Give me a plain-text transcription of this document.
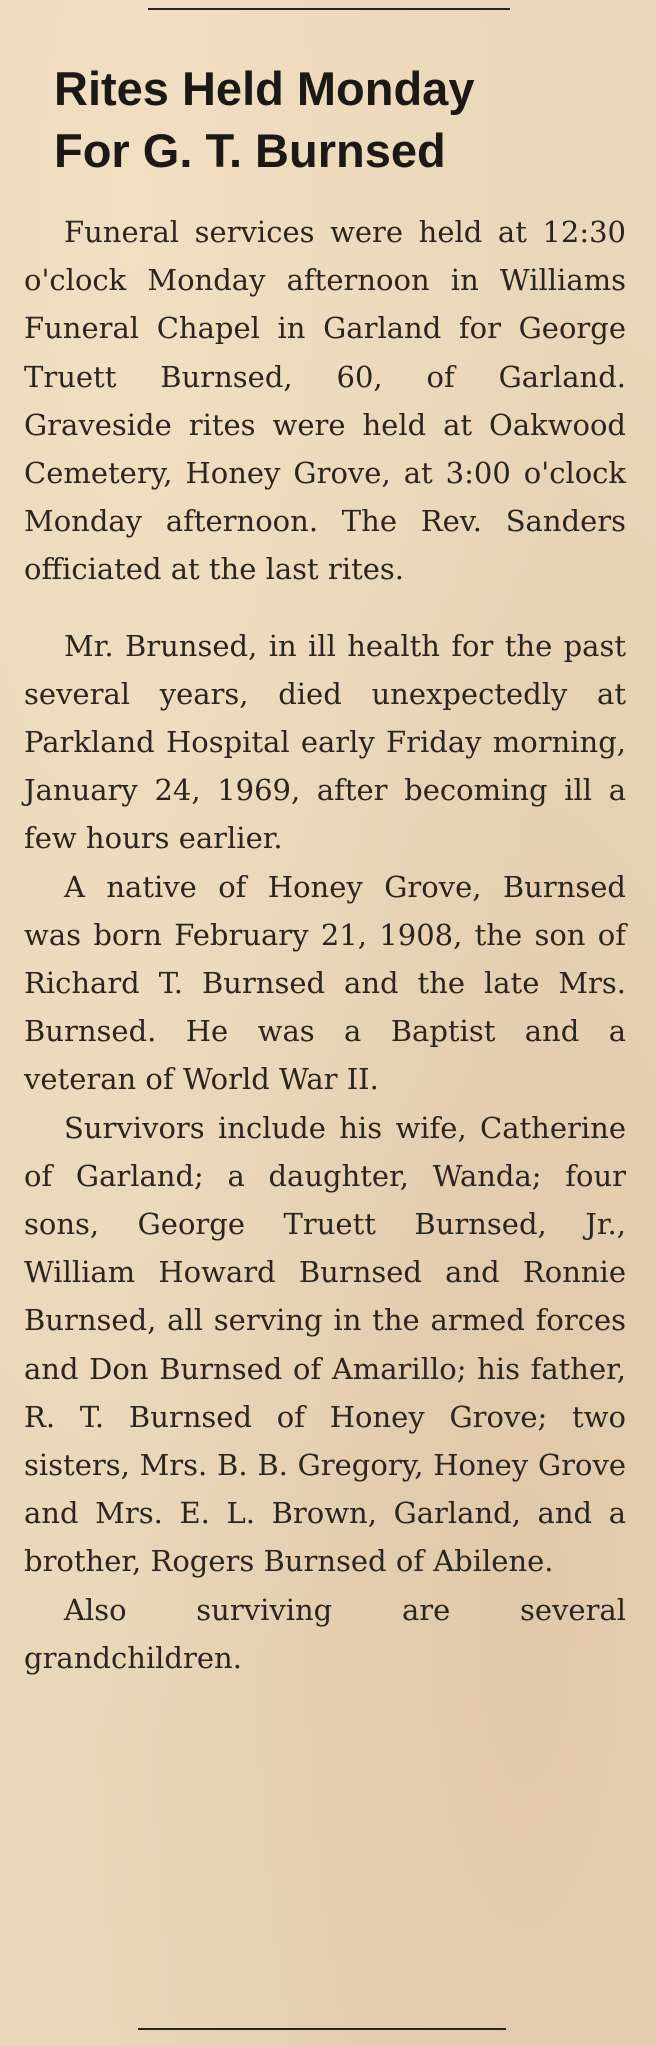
Rites Held Monday
For G. T. Burnsed

Funeral services were held at 12:30 o'clock Monday afternoon in Williams Funeral Chapel in Garland for George Truett Burnsed, 60, of Garland. Graveside rites were held at Oakwood Cemetery, Honey Grove, at 3:00 o'clock Monday afternoon. The Rev. Sanders officiated at the last rites.

Mr. Brunsed, in ill health for the past several years, died unexpectedly at Parkland Hospital early Friday morning, January 24, 1969, after becoming ill a few hours earlier.

A native of Honey Grove, Burnsed was born February 21, 1908, the son of Richard T. Burnsed and the late Mrs. Burnsed. He was a Baptist and a veteran of World War II.

Survivors include his wife, Catherine of Garland; a daughter, Wanda; four sons, George Truett Burnsed, Jr., William Howard Burnsed and Ronnie Burnsed, all serving in the armed forces and Don Burnsed of Amarillo; his father, R. T. Burnsed of Honey Grove; two sisters, Mrs. B. B. Gregory, Honey Grove and Mrs. E. L. Brown, Garland, and a brother, Rogers Burnsed of Abilene.

Also surviving are several grandchildren.
